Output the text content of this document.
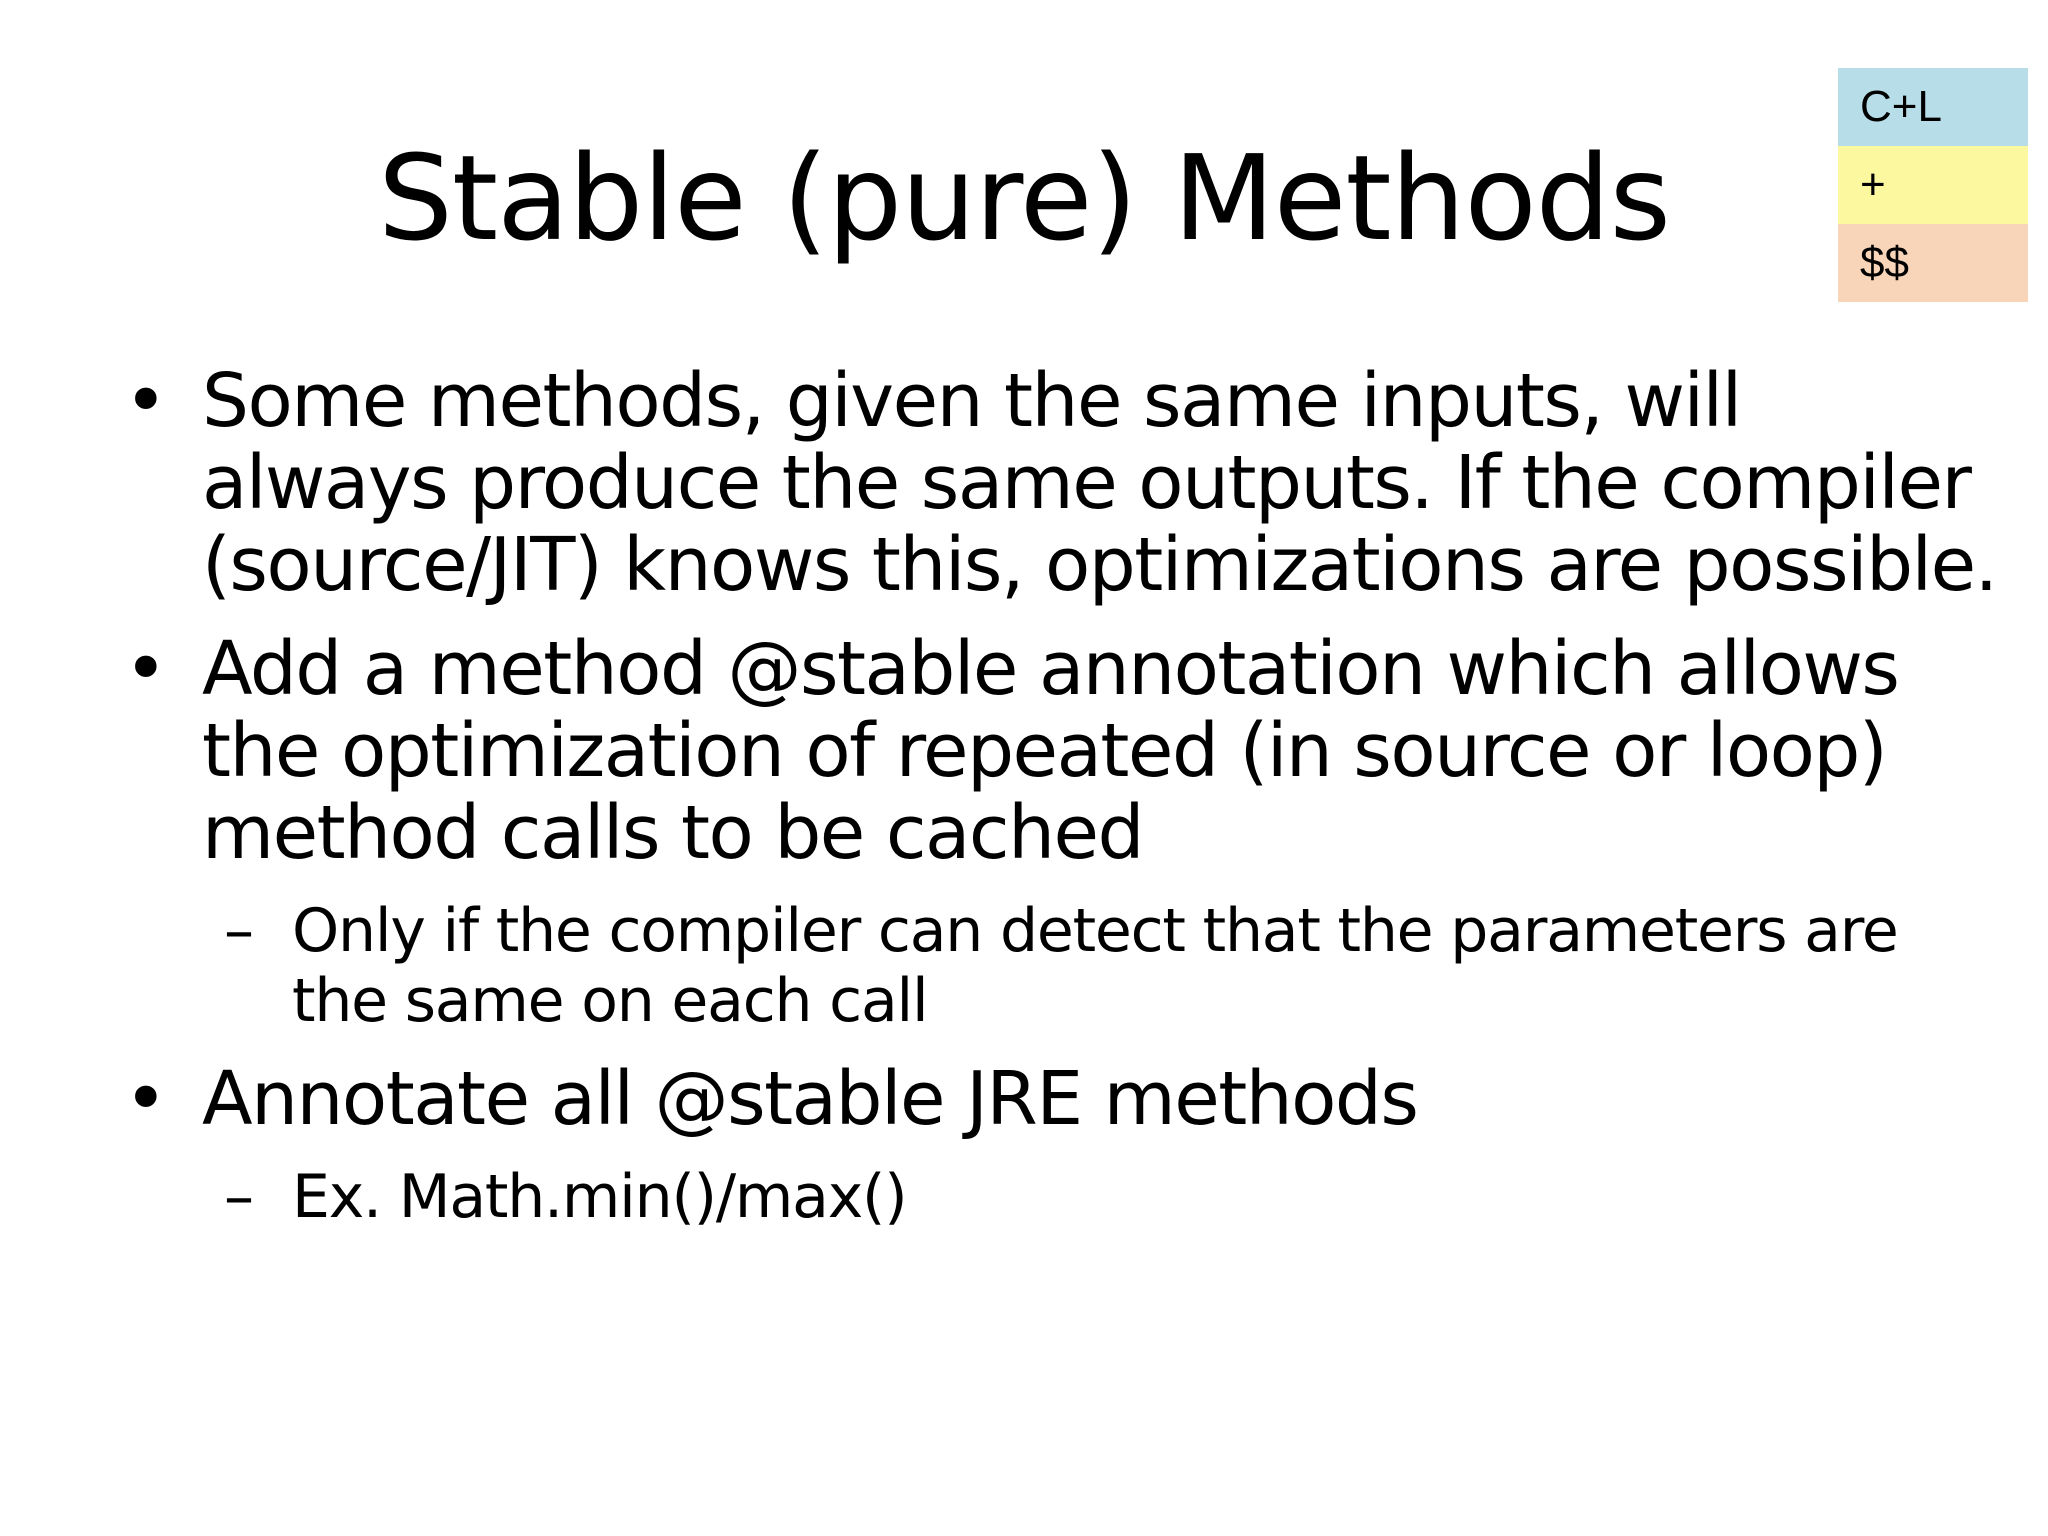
Stable (pure) Methods
C+L
+
$$
• Some methods, given the same inputs, will always produce the same outputs. If the compiler (source/JIT) knows this, optimizations are possible.
• Add a method @stable annotation which allows the optimization of repeated (in source or loop) method calls to be cached
– Only if the compiler can detect that the parameters are the same on each call
• Annotate all @stable JRE methods
– Ex. Math.min()/max()
